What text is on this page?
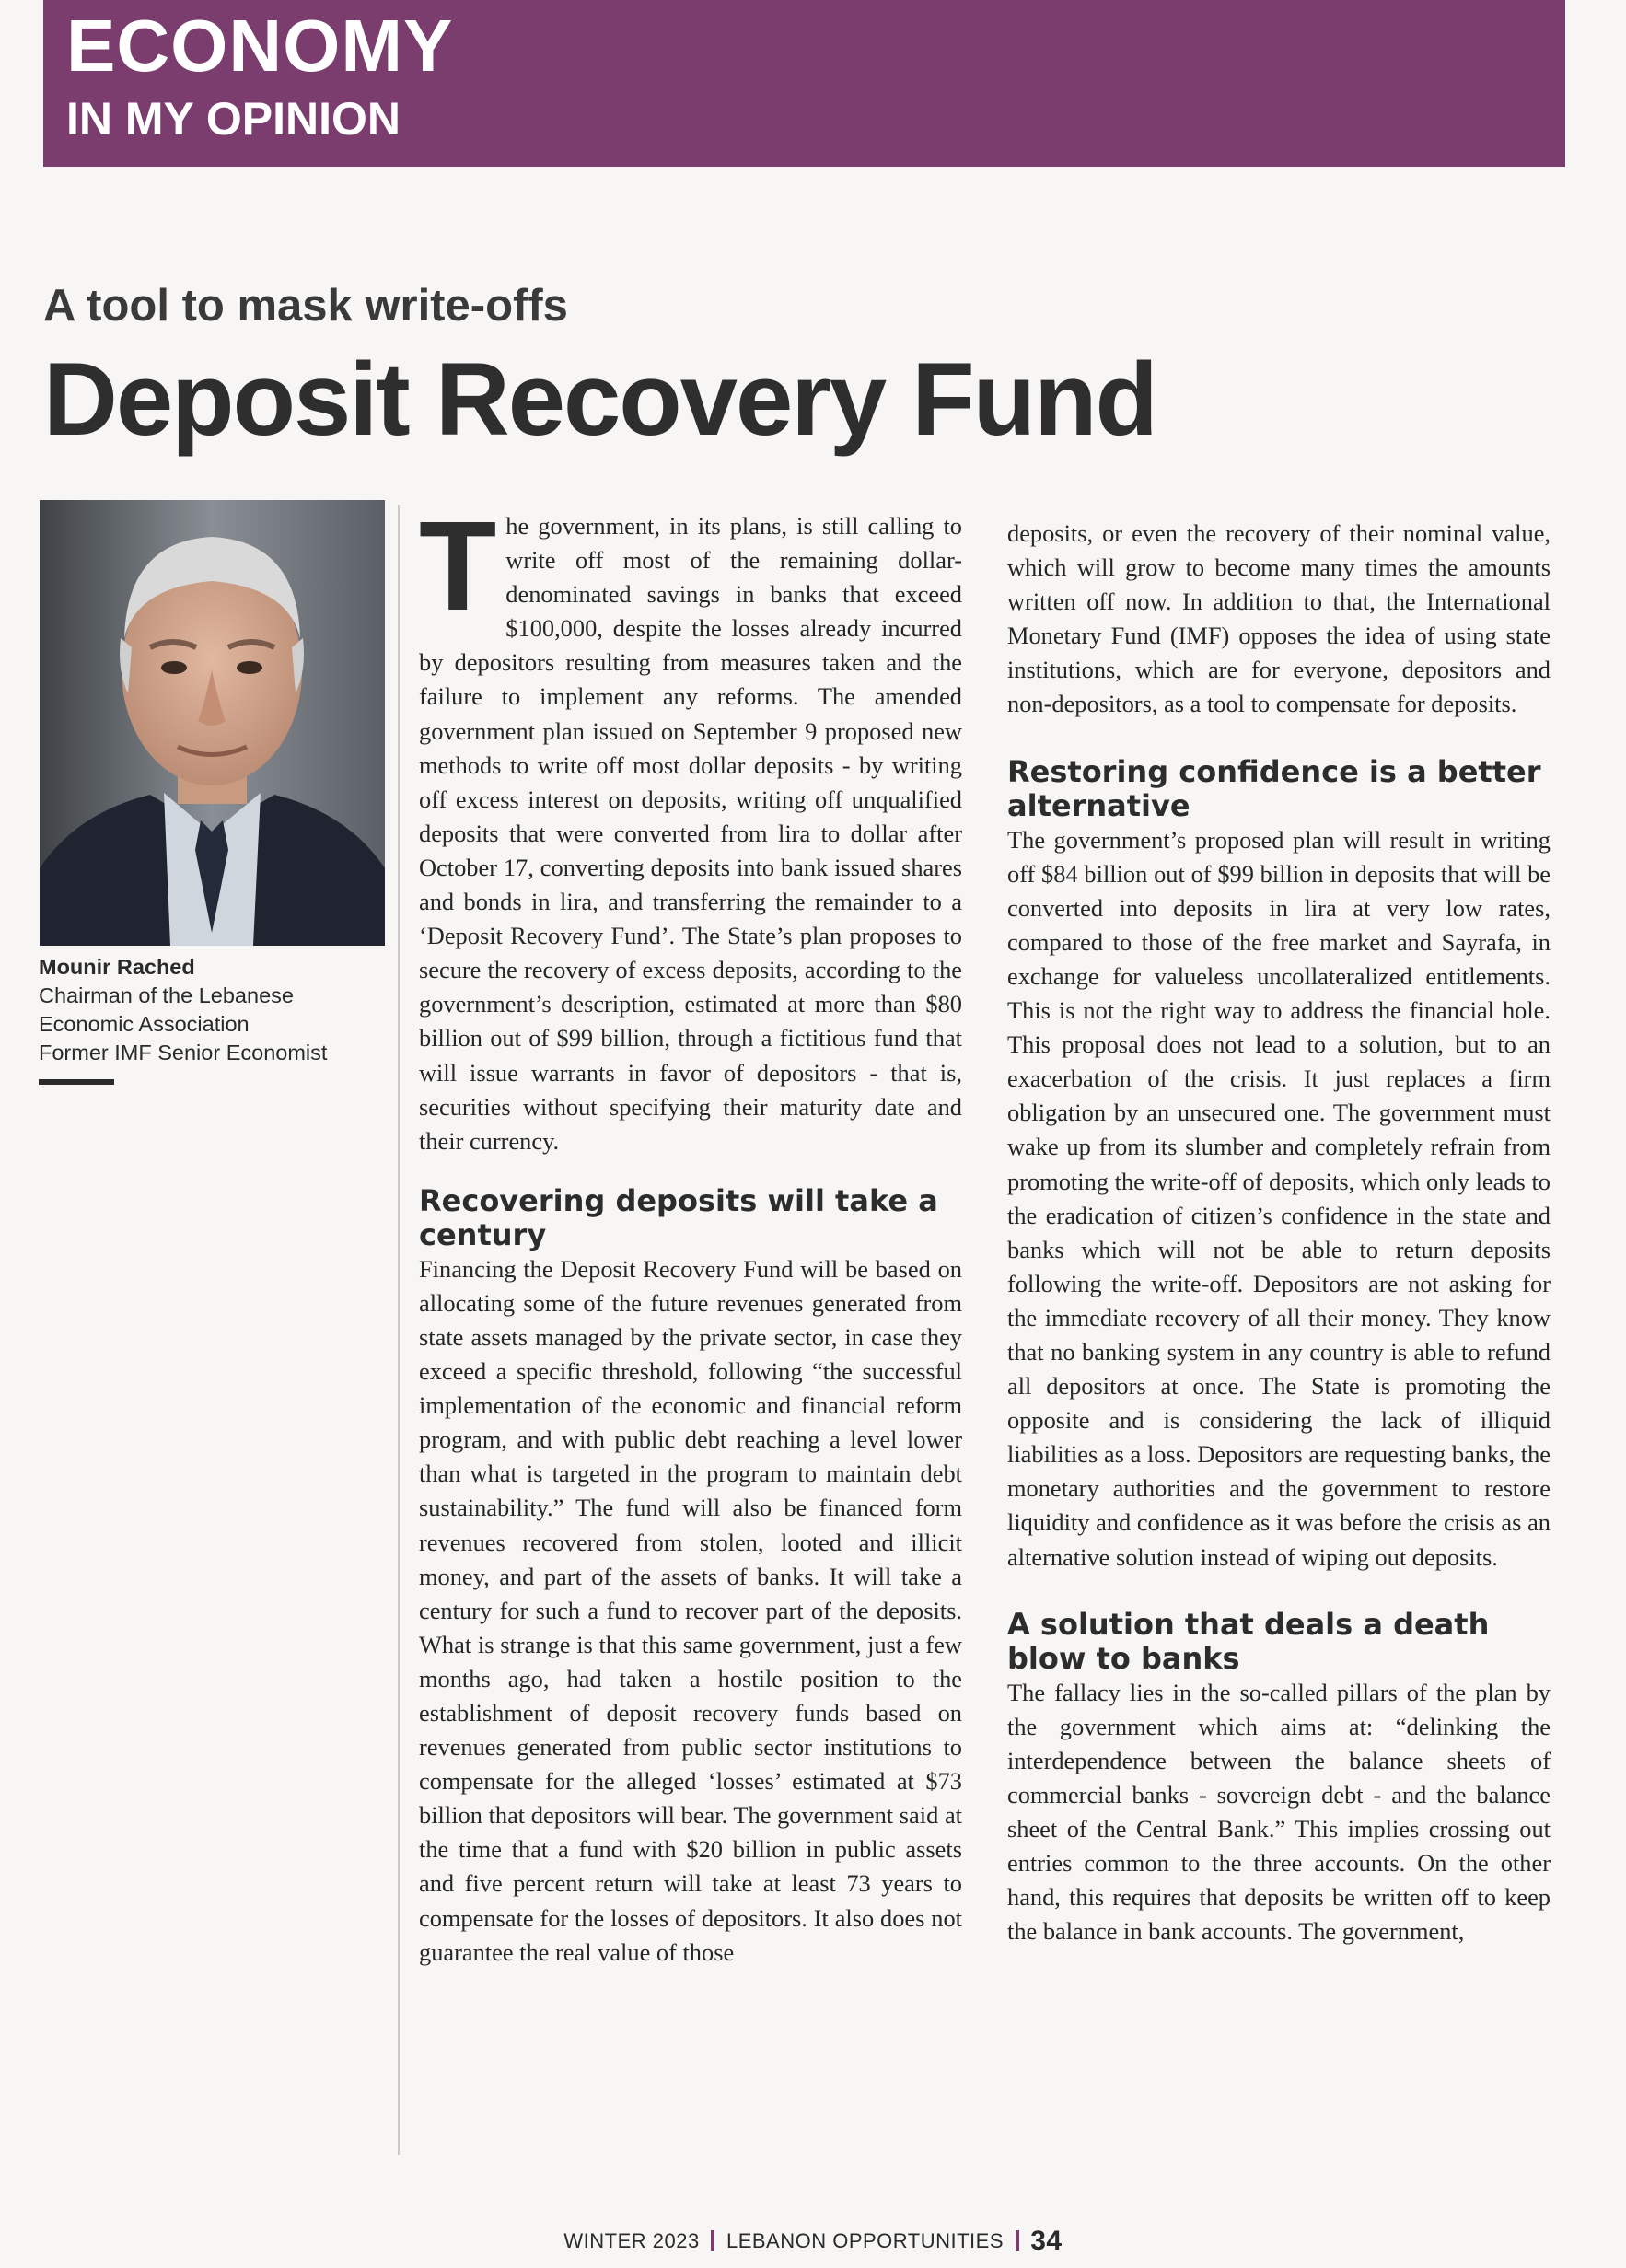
ECONOMY
IN MY OPINION
A tool to mask write-offs
Deposit Recovery Fund
Mounir Rached
Chairman of the Lebanese
Economic Association
Former IMF Senior Economist

The government, in its plans, is still calling to write off most of the remaining dollar-denominated savings in banks that exceed $100,000, despite the losses already incurred by depositors resulting from measures taken and the failure to implement any reforms. The amended government plan issued on September 9 proposed new methods to write off most dollar deposits - by writing off excess interest on deposits, writing off unqualified deposits that were converted from lira to dollar after October 17, converting deposits into bank issued shares and bonds in lira, and transferring the remainder to a ‘Deposit Recovery Fund’. The State’s plan proposes to secure the recovery of excess deposits, according to the government’s description, estimated at more than $80 billion out of $99 billion, through a fictitious fund that will issue warrants in favor of depositors - that is, securities without specifying their maturity date and their currency.

Recovering deposits will take a century

Financing the Deposit Recovery Fund will be based on allocating some of the future revenues generated from state assets managed by the private sector, in case they exceed a specific threshold, following “the successful implementation of the economic and financial reform program, and with public debt reaching a level lower than what is targeted in the program to maintain debt sustainability.” The fund will also be financed form revenues recovered from stolen, looted and illicit money, and part of the assets of banks. It will take a century for such a fund to recover part of the deposits. What is strange is that this same government, just a few months ago, had taken a hostile position to the establishment of deposit recovery funds based on revenues generated from public sector institutions to compensate for the alleged ‘losses’ estimated at $73 billion that depositors will bear. The government said at the time that a fund with $20 billion in public assets and five percent return will take at least 73 years to compensate for the losses of depositors. It also does not guarantee the real value of those

deposits, or even the recovery of their nominal value, which will grow to become many times the amounts written off now. In addition to that, the International Monetary Fund (IMF) opposes the idea of using state institutions, which are for everyone, depositors and non-depositors, as a tool to compensate for deposits.

Restoring confidence is a better alternative

The government’s proposed plan will result in writing off $84 billion out of $99 billion in deposits that will be converted into deposits in lira at very low rates, compared to those of the free market and Sayrafa, in exchange for valueless uncollateralized entitlements. This is not the right way to address the financial hole. This proposal does not lead to a solution, but to an exacerbation of the crisis. It just replaces a firm obligation by an unsecured one. The government must wake up from its slumber and completely refrain from promoting the write-off of deposits, which only leads to the eradication of citizen’s confidence in the state and banks which will not be able to return deposits following the write-off. Depositors are not asking for the immediate recovery of all their money. They know that no banking system in any country is able to refund all depositors at once. The State is promoting the opposite and is considering the lack of illiquid liabilities as a loss. Depositors are requesting banks, the monetary authorities and the government to restore liquidity and confidence as it was before the crisis as an alternative solution instead of wiping out deposits.

A solution that deals a death blow to banks

The fallacy lies in the so-called pillars of the plan by the government which aims at: “delinking the interdependence between the balance sheets of commercial banks - sovereign debt - and the balance sheet of the Central Bank.” This implies crossing out entries common to the three accounts. On the other hand, this requires that deposits be written off to keep the balance in bank accounts. The government,

WINTER 2023 LEBANON OPPORTUNITIES 34
